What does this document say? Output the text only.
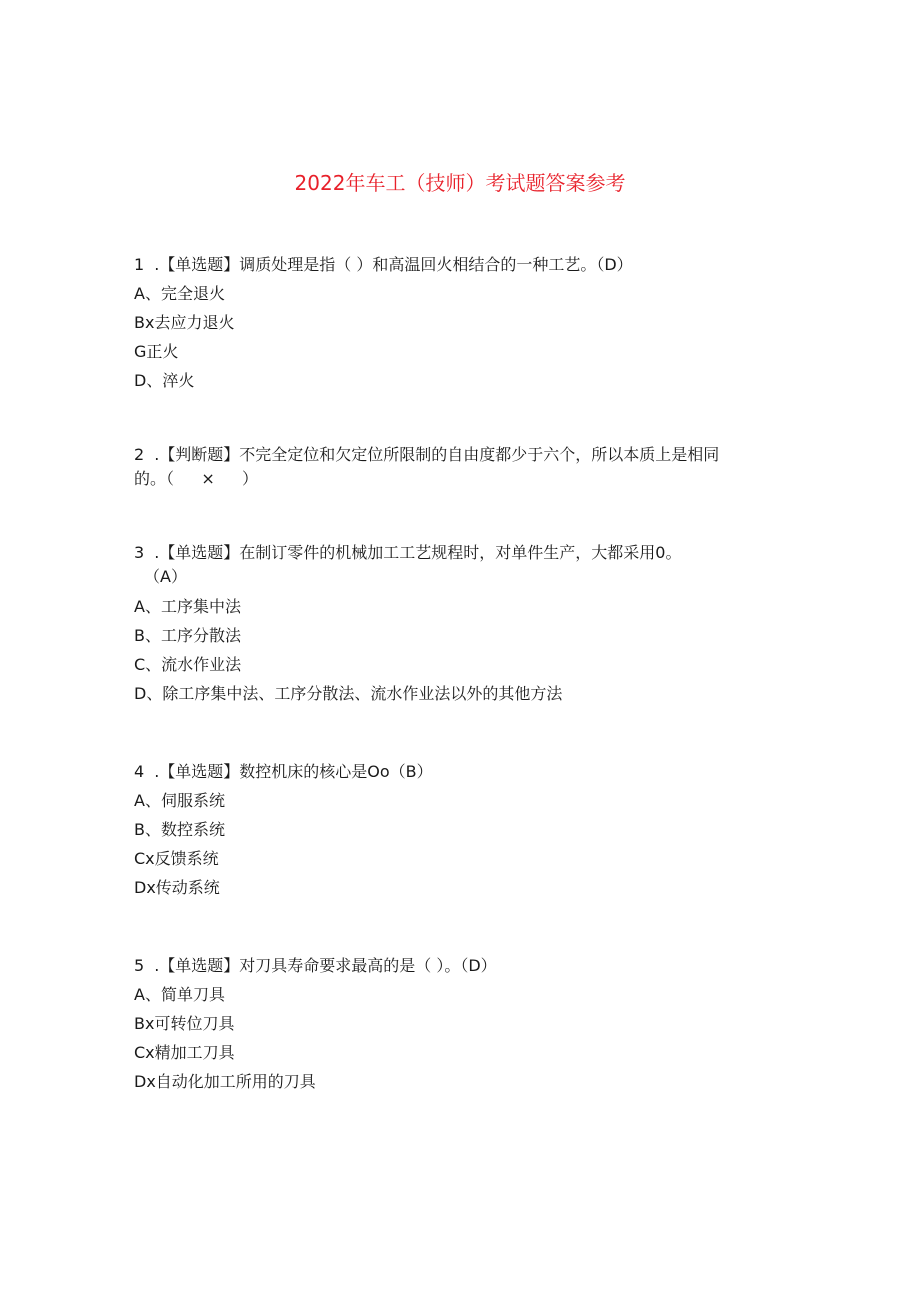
2022年车工（技师）考试题答案参考

1 .【单选题】调质处理是指（ ）和高温回火相结合的一种工艺。（D）

A、完全退火

Bx去应力退火

G正火

D、淬火

2 .【判断题】不完全定位和欠定位所限制的自由度都少于六个，所以本质上是相同

的。（ × ）

3 .【单选题】在制订零件的机械加工工艺规程时，对单件生产，大都采用0。

（A）

A、工序集中法

B、工序分散法

C、流水作业法

D、除工序集中法、工序分散法、流水作业法以外的其他方法

4 .【单选题】数控机床的核心是Oo（B）

A、伺服系统

B、数控系统

Cx反馈系统

Dx传动系统

5 .【单选题】对刀具寿命要求最高的是（ ）。（D）

A、简单刀具

Bx可转位刀具

Cx精加工刀具

Dx自动化加工所用的刀具
